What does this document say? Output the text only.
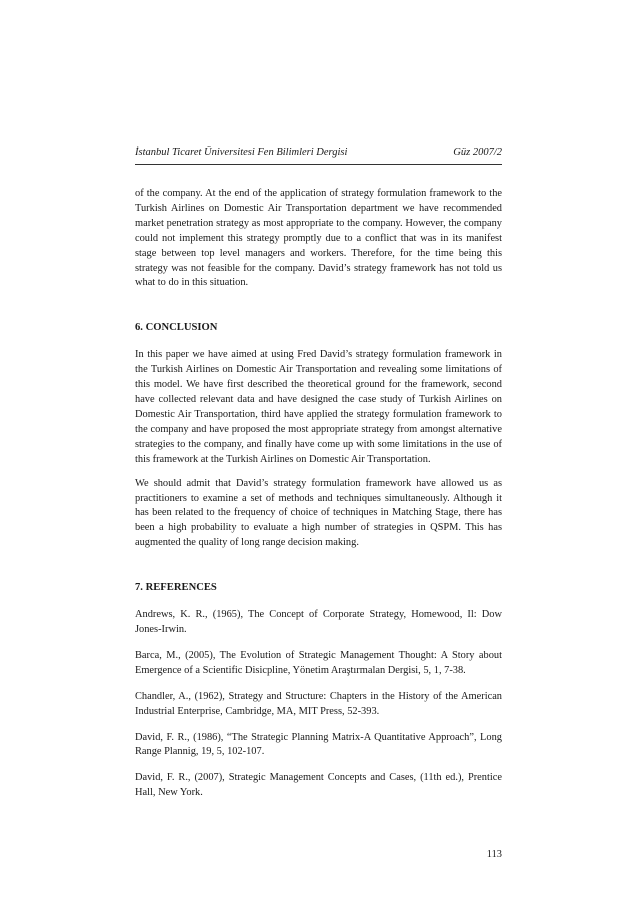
İstanbul Ticaret Üniversitesi Fen Bilimleri Dergisi	Güz 2007/2

of the company. At the end of the application of strategy formulation framework to the Turkish Airlines on Domestic Air Transportation department we have recommended market penetration strategy as most appropriate to the company. However, the company could not implement this strategy promptly due to a conflict that was in its manifest stage between top level managers and workers. Therefore, for the time being this strategy was not feasible for the company. David’s strategy framework has not told us what to do in this situation.

6. CONCLUSION

In this paper we have aimed at using Fred David’s strategy formulation framework in the Turkish Airlines on Domestic Air Transportation and revealing some limitations of this model. We have first described the theoretical ground for the framework, second have collected relevant data and have designed the case study of Turkish Airlines on Domestic Air Transportation, third have applied the strategy formulation framework to the company and have proposed the most appropriate strategy from amongst alternative strategies to the company, and finally have come up with some limitations in the use of this framework at the Turkish Airlines on Domestic Air Transportation.

We should admit that David’s strategy formulation framework have allowed us as practitioners to examine a set of methods and techniques simultaneously. Although it has been related to the frequency of choice of techniques in Matching Stage, there has been a high probability to evaluate a high number of strategies in QSPM. This has augmented the quality of long range decision making.

7. REFERENCES

Andrews, K. R., (1965), The Concept of Corporate Strategy, Homewood, Il: Dow Jones-Irwin.

Barca, M., (2005), The Evolution of Strategic Management Thought: A Story about Emergence of a Scientific Disicpline, Yönetim Araştırmalan Dergisi, 5, 1, 7-38.

Chandler, A., (1962), Strategy and Structure: Chapters in the History of the American Industrial Enterprise, Cambridge, MA, MIT Press, 52-393.

David, F. R., (1986), “The Strategic Planning Matrix-A Quantitative Approach”, Long Range Plannig, 19, 5, 102-107.

David, F. R., (2007), Strategic Management Concepts and Cases, (11th ed.), Prentice Hall, New York.

113
